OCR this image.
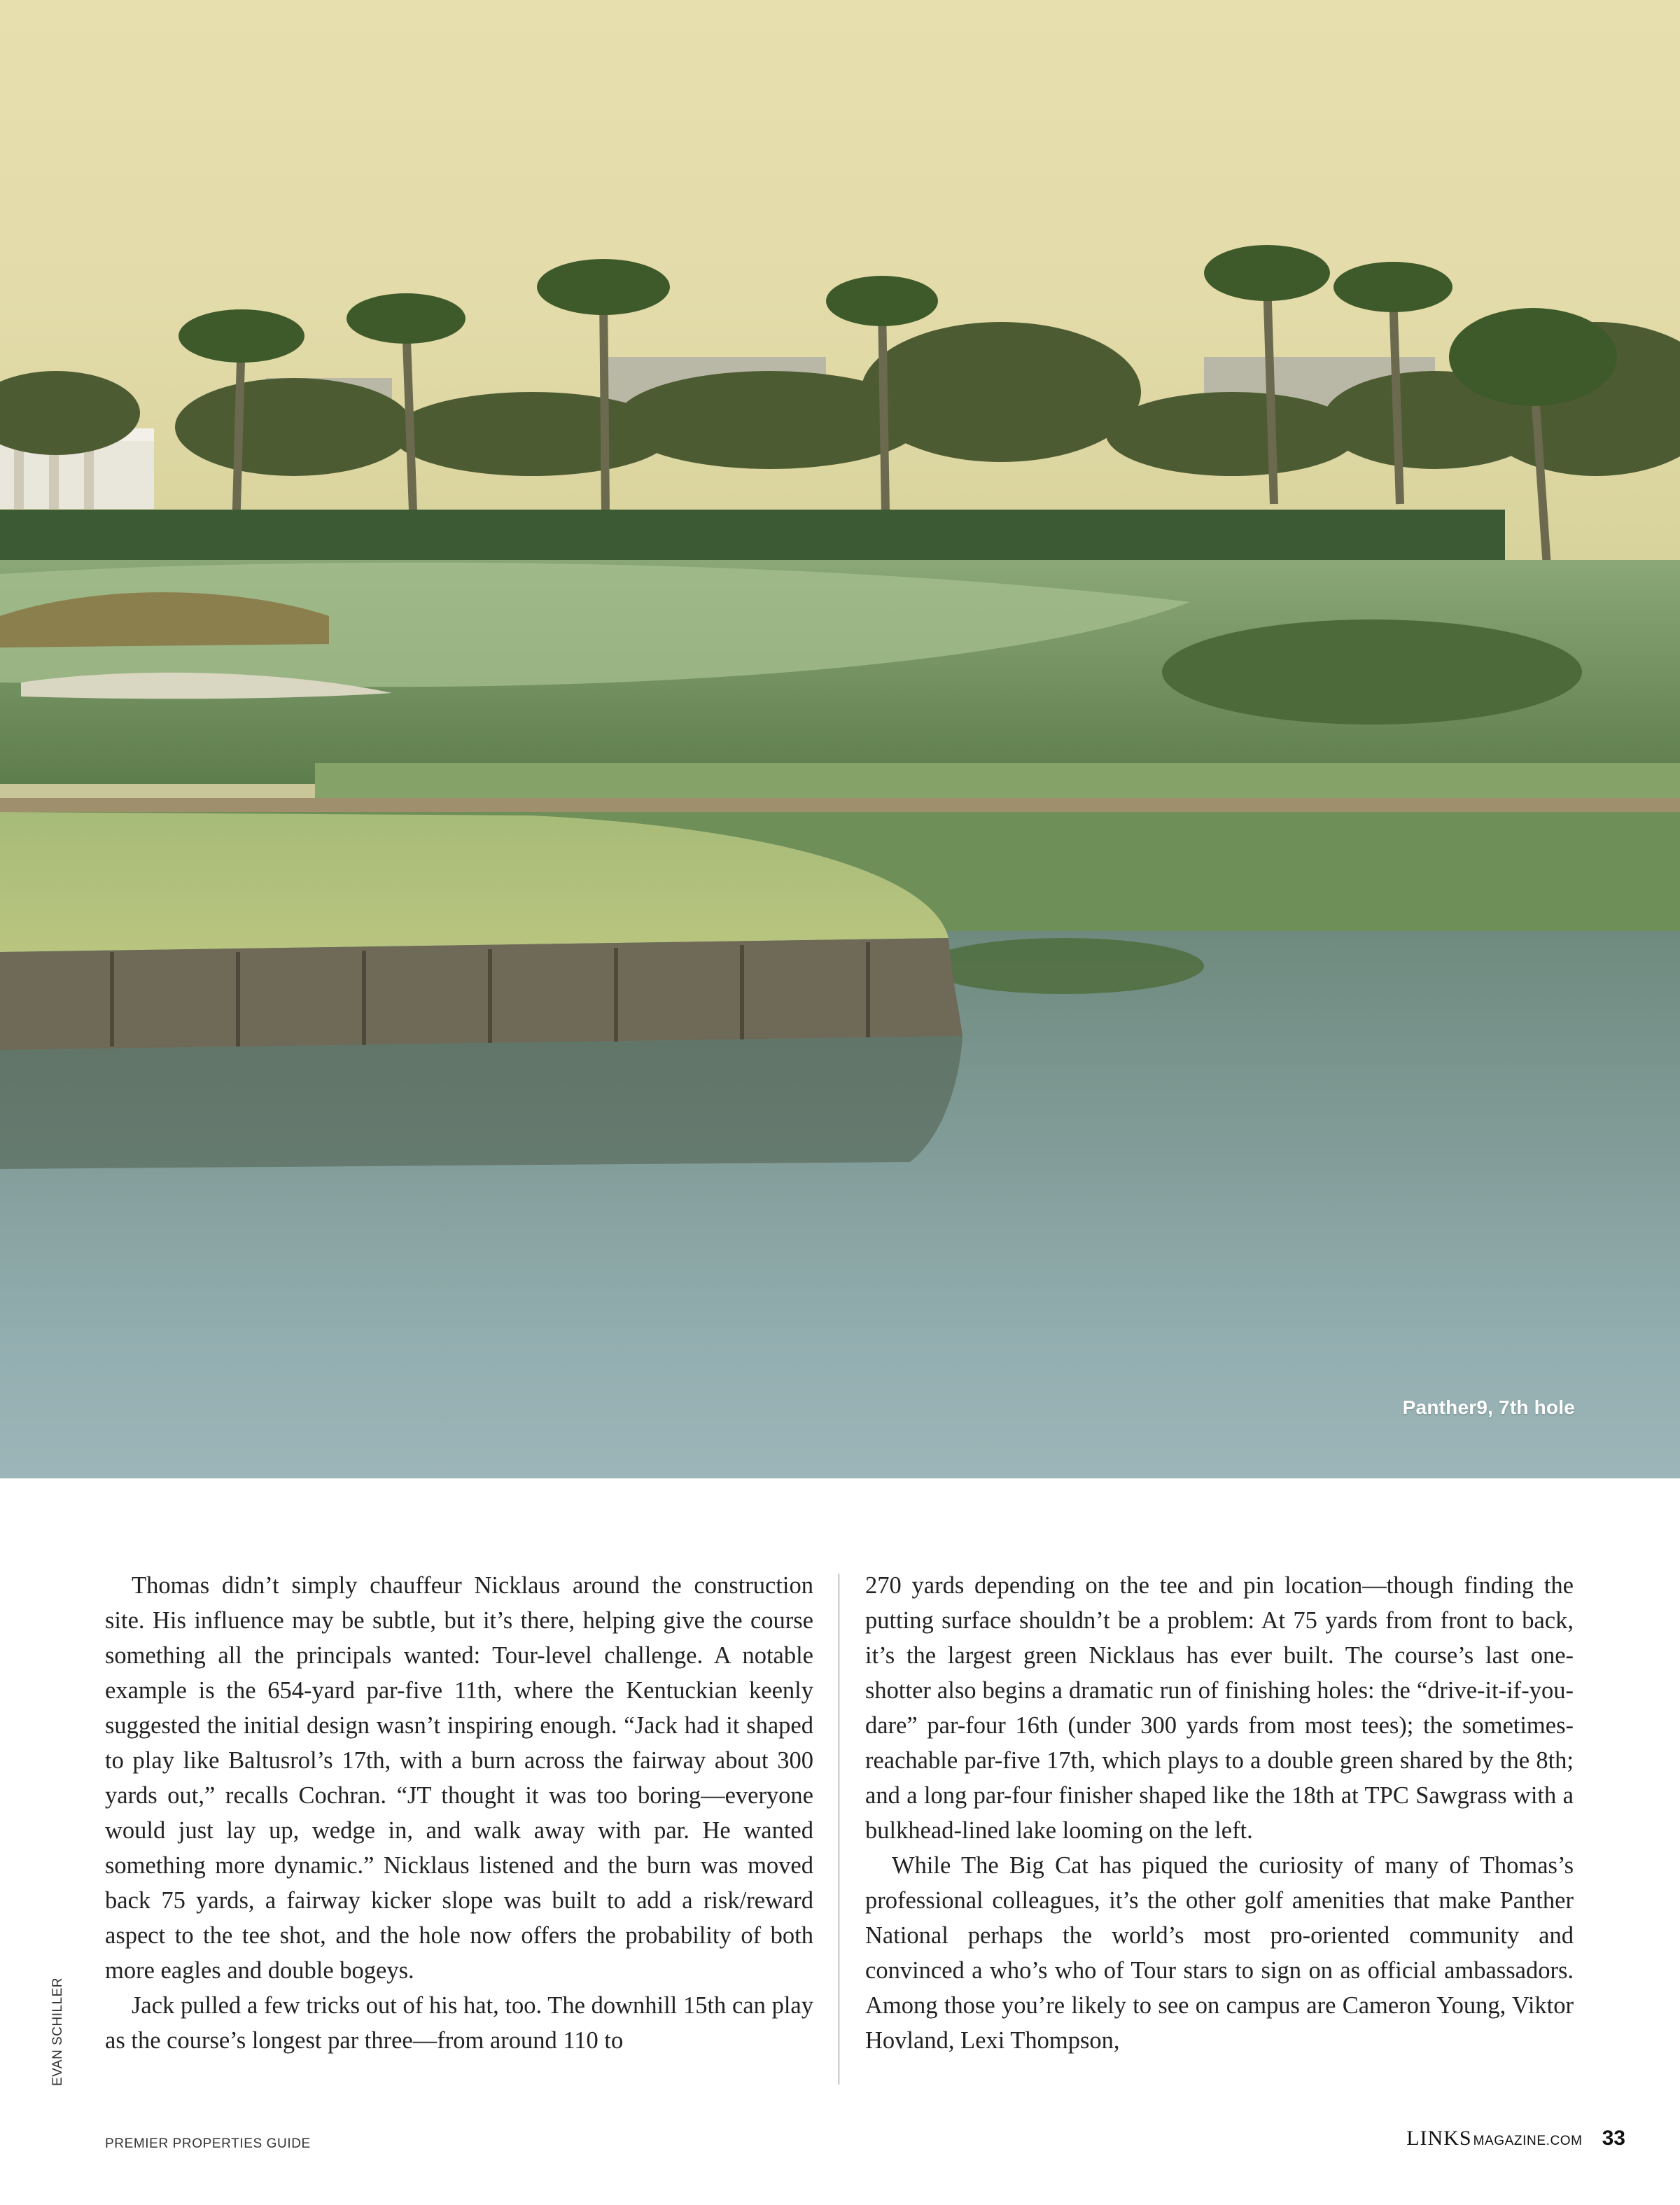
Panther9, 7th hole
EVAN SCHILLER

Thomas didn’t simply chauffeur Nicklaus around the construction site. His influence may be subtle, but it’s there, helping give the course something all the principals wanted: Tour-level challenge. A notable example is the 654-yard par-five 11th, where the Kentuckian keenly suggested the initial design wasn’t inspiring enough. “Jack had it shaped to play like Baltusrol’s 17th, with a burn across the fairway about 300 yards out,” recalls Cochran. “JT thought it was too boring—everyone would just lay up, wedge in, and walk away with par. He wanted something more dynamic.” Nicklaus listened and the burn was moved back 75 yards, a fairway kicker slope was built to add a risk/reward aspect to the tee shot, and the hole now offers the probability of both more eagles and double bogeys.

Jack pulled a few tricks out of his hat, too. The downhill 15th can play as the course’s longest par three—from around 110 to

270 yards depending on the tee and pin location—though finding the putting surface shouldn’t be a problem: At 75 yards from front to back, it’s the largest green Nicklaus has ever built. The course’s last one-shotter also begins a dramatic run of finishing holes: the “drive-it-if-you-dare” par-four 16th (under 300 yards from most tees); the sometimes-reachable par-five 17th, which plays to a double green shared by the 8th; and a long par-four finisher shaped like the 18th at TPC Sawgrass with a bulkhead-lined lake looming on the left.

While The Big Cat has piqued the curiosity of many of Thomas’s professional colleagues, it’s the other golf amenities that make Panther National perhaps the world’s most pro-oriented community and convinced a who’s who of Tour stars to sign on as official ambassadors. Among those you’re likely to see on campus are Cameron Young, Viktor Hovland, Lexi Thompson,

PREMIER PROPERTIES GUIDE	LINKS MAGAZINE.COM 33
